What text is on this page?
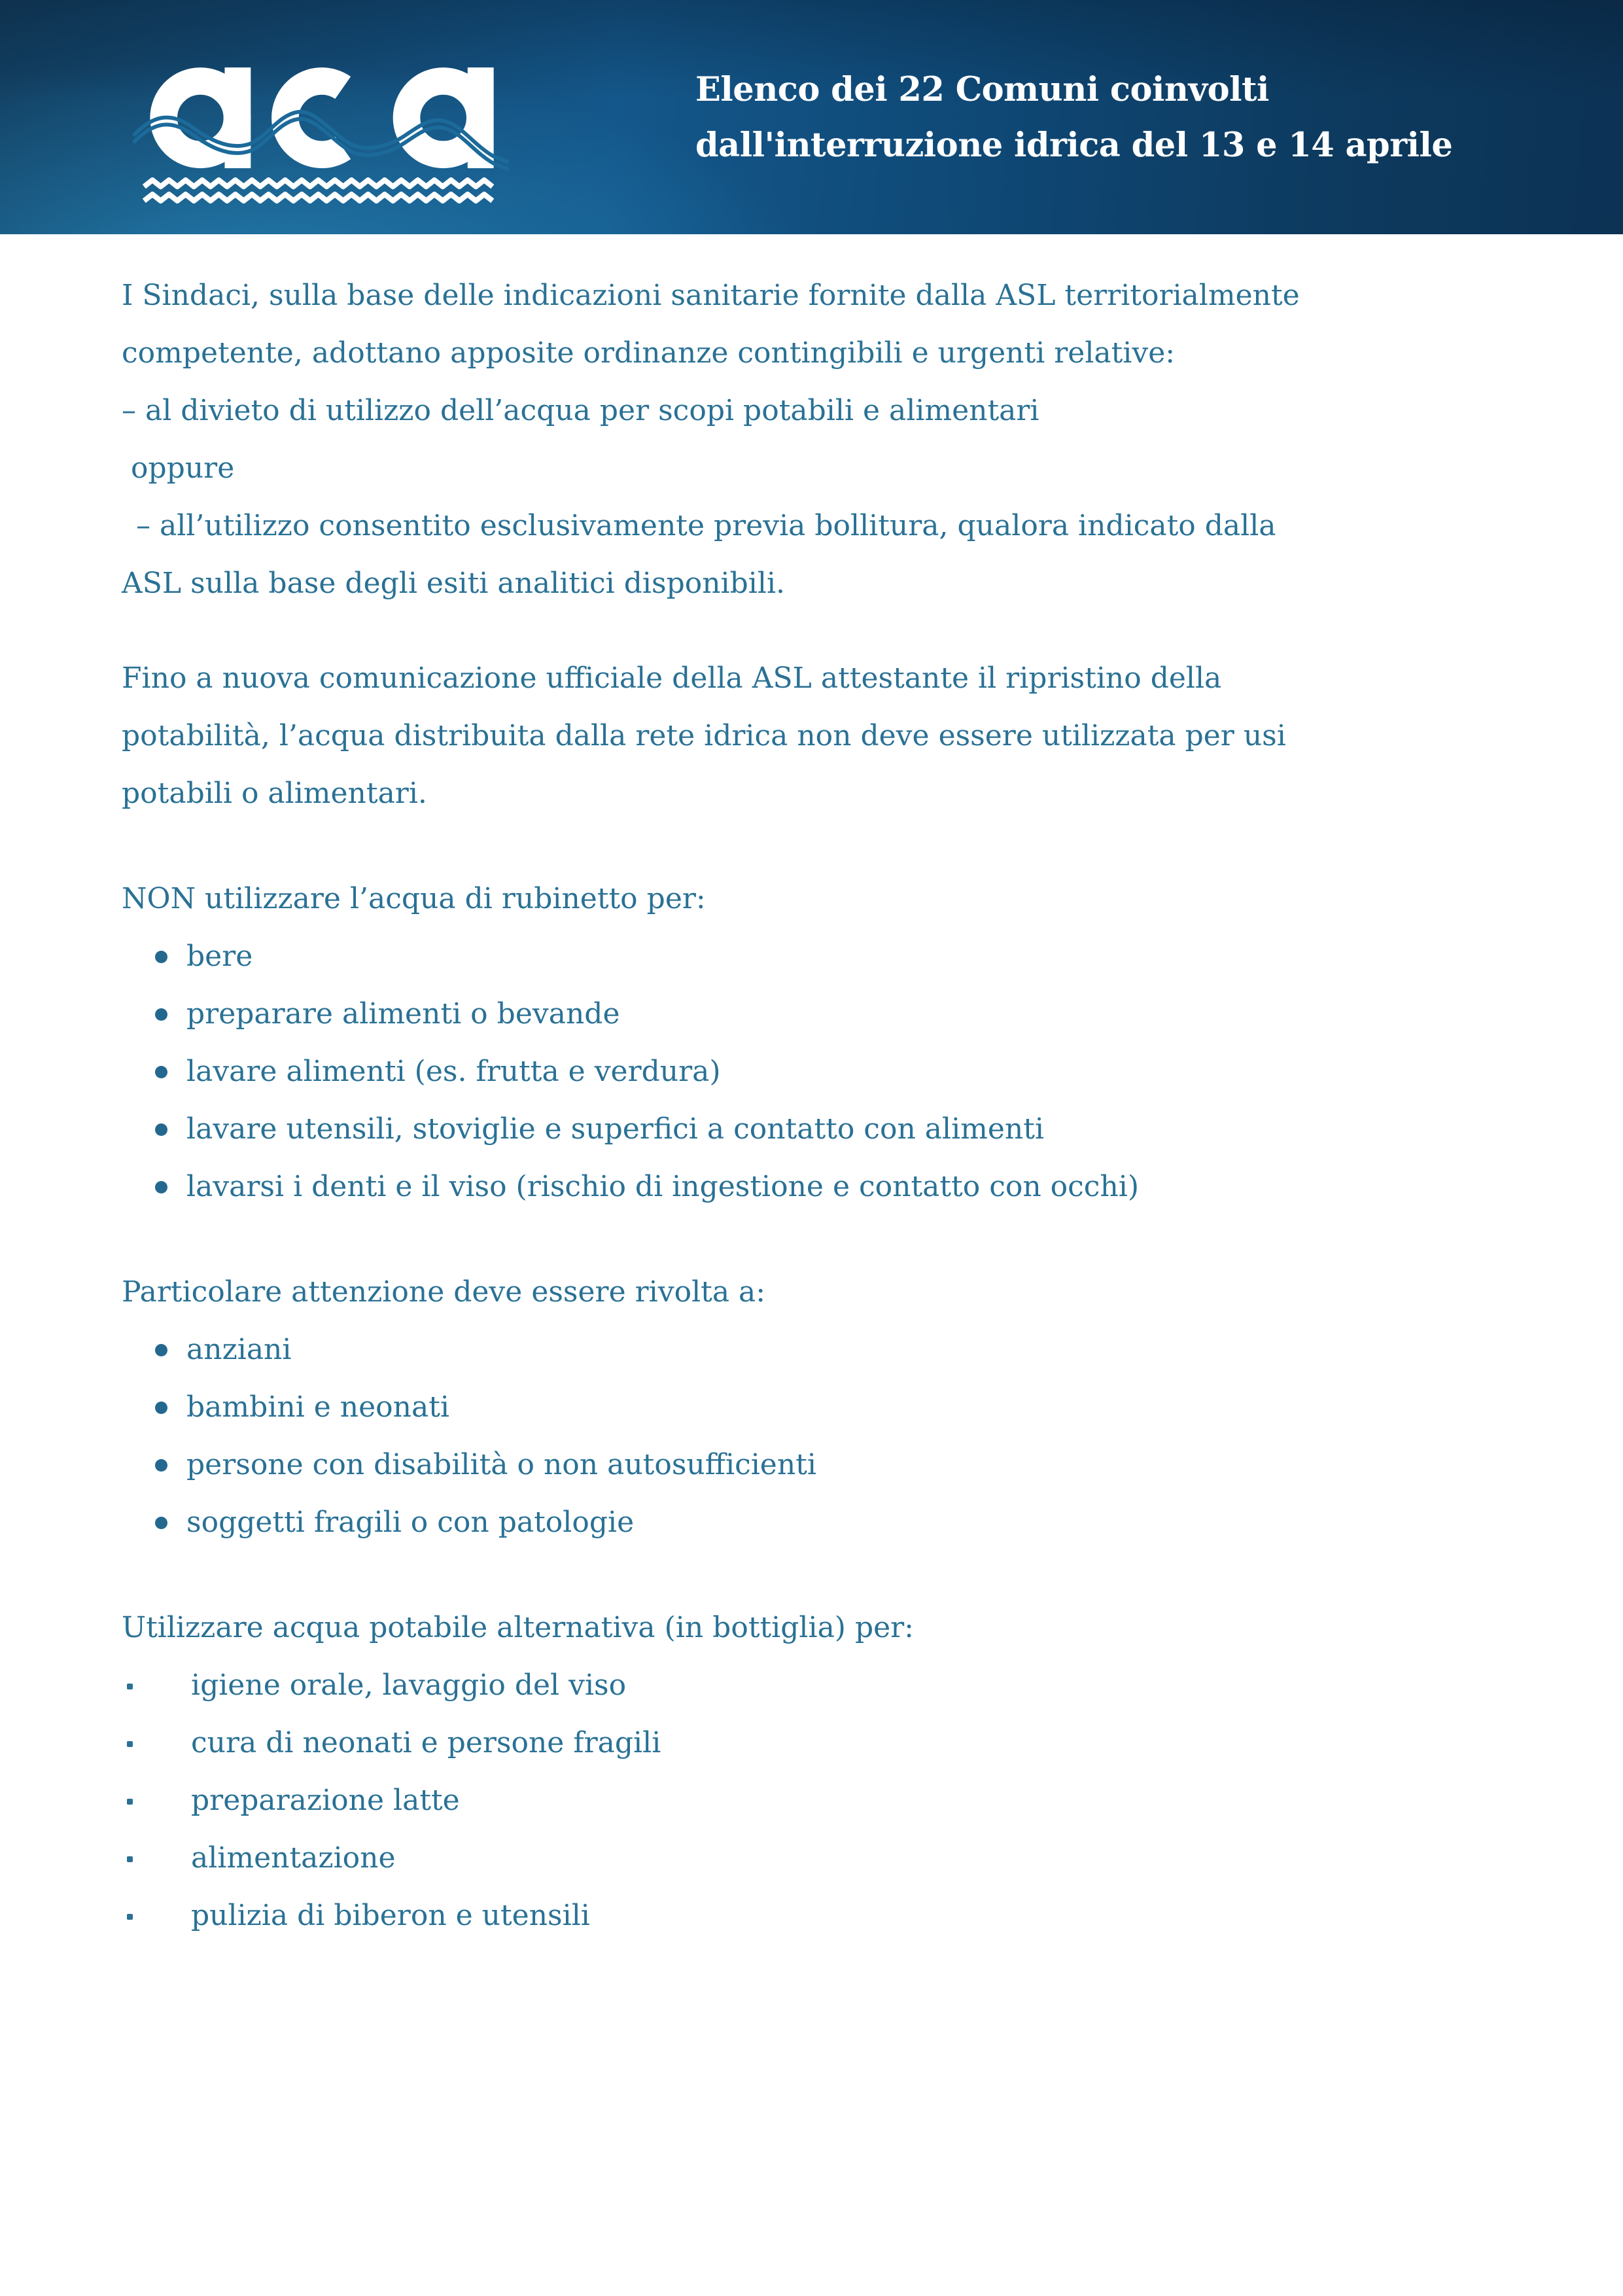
Elenco dei 22 Comuni coinvolti
dall'interruzione idrica del 13 e 14 aprile
I Sindaci, sulla base delle indicazioni sanitarie fornite dalla ASL territorialmente
competente, adottano apposite ordinanze contingibili e urgenti relative:
– al divieto di utilizzo dell’acqua per scopi potabili e alimentari
oppure
– all’utilizzo consentito esclusivamente previa bollitura, qualora indicato dalla
ASL sulla base degli esiti analitici disponibili.
Fino a nuova comunicazione ufficiale della ASL attestante il ripristino della
potabilità, l’acqua distribuita dalla rete idrica non deve essere utilizzata per usi
potabili o alimentari.
NON utilizzare l’acqua di rubinetto per:
bere
preparare alimenti o bevande
lavare alimenti (es. frutta e verdura)
lavare utensili, stoviglie e superfici a contatto con alimenti
lavarsi i denti e il viso (rischio di ingestione e contatto con occhi)
Particolare attenzione deve essere rivolta a:
anziani
bambini e neonati
persone con disabilità o non autosufficienti
soggetti fragili o con patologie
Utilizzare acqua potabile alternativa (in bottiglia) per:
igiene orale, lavaggio del viso
cura di neonati e persone fragili
preparazione latte
alimentazione
pulizia di biberon e utensili
